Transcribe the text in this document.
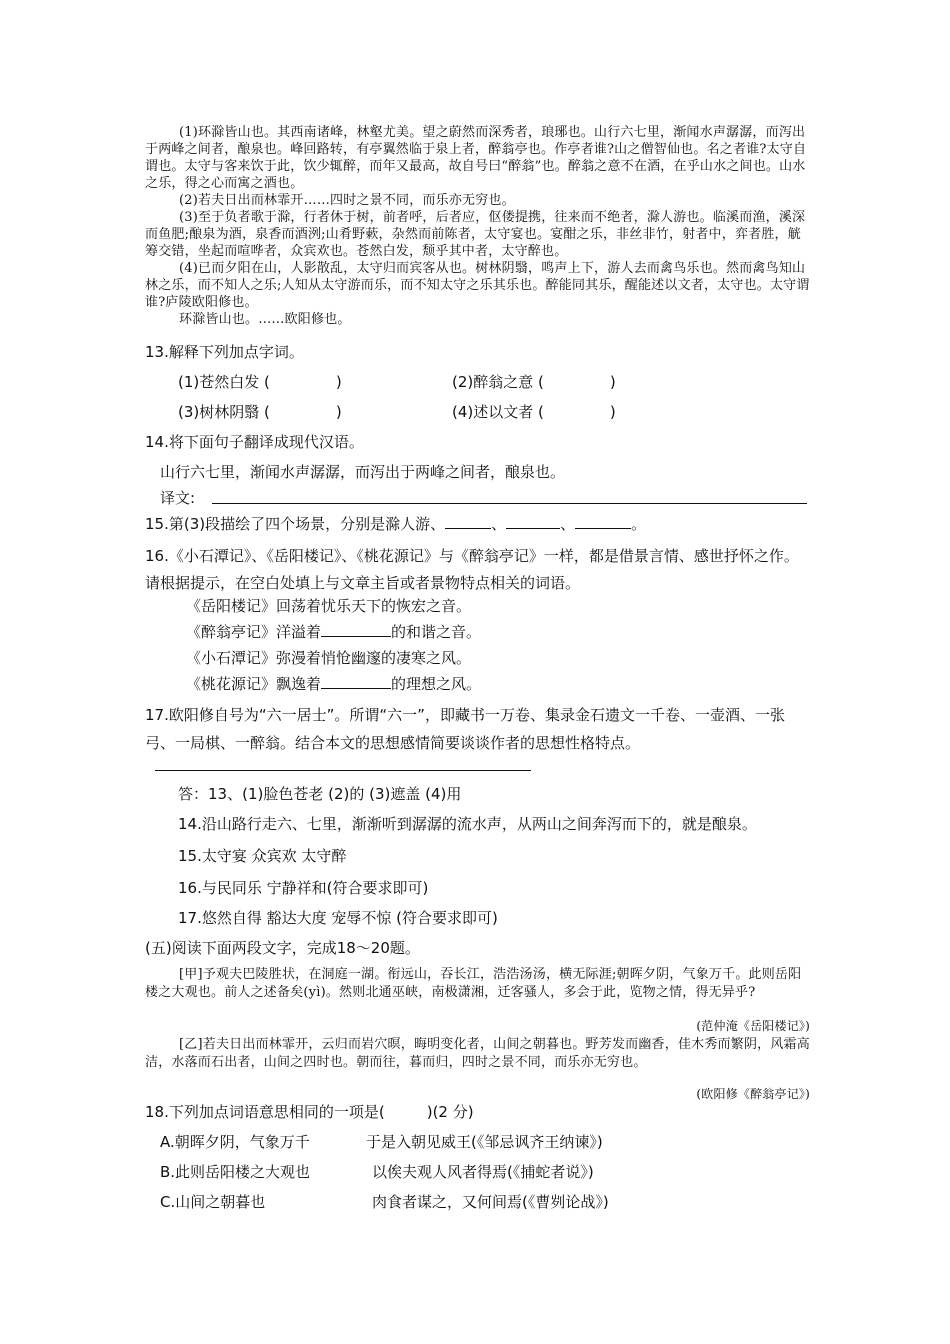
(1)环滁皆山也。其西南诸峰，林壑尤美。望之蔚然而深秀者，琅琊也。山行六七里，渐闻水声潺潺，而泻出于两峰之间者，酿泉也。峰回路转，有亭翼然临于泉上者，醉翁亭也。作亭者谁?山之僧智仙也。名之者谁?太守自谓也。太守与客来饮于此，饮少辄醉，而年又最高，故自号曰“醉翁”也。醉翁之意不在酒，在乎山水之间也。山水之乐，得之心而寓之酒也。

(2)若夫日出而林霏开……四时之景不同，而乐亦无穷也。

(3)至于负者歌于滁，行者休于树，前者呼，后者应，伛偻提携，往来而不绝者，滁人游也。临溪而渔，溪深而鱼肥;酿泉为酒，泉香而酒洌;山肴野蔌，杂然而前陈者，太守宴也。宴酣之乐，非丝非竹，射者中，弈者胜，觥筹交错，坐起而喧哗者，众宾欢也。苍然白发，颓乎其中者，太守醉也。

(4)已而夕阳在山，人影散乱，太守归而宾客从也。树林阴翳，鸣声上下，游人去而禽鸟乐也。然而禽鸟知山林之乐，而不知人之乐;人知从太守游而乐，而不知太守之乐其乐也。醉能同其乐，醒能述以文者，太守也。太守谓谁?庐陵欧阳修也。

环滁皆山也。……欧阳修也。

13.解释下列加点字词。
(1)苍然白发 (	)	(2)醉翁之意 (	)
(3)树林阴翳 (	)	(4)述以文者 (	)
14.将下面句子翻译成现代汉语。
山行六七里，渐闻水声潺潺，而泻出于两峰之间者，酿泉也。
译文:
15.第(3)段描绘了四个场景，分别是滁人游、	、	、	。
16.《小石潭记》、《岳阳楼记》、《桃花源记》与《醉翁亭记》一样，都是借景言情、感世抒怀之作。请根据提示，在空白处填上与文章主旨或者景物特点相关的词语。
《岳阳楼记》回荡着忧乐天下的恢宏之音。
《醉翁亭记》洋溢着	的和谐之音。
《小石潭记》弥漫着悄怆幽邃的凄寒之风。
《桃花源记》飘逸着	的理想之风。
17.欧阳修自号为“六一居士”。所谓“六一”，即藏书一万卷、集录金石遗文一千卷、一壶酒、一张弓、一局棋、一醉翁。结合本文的思想感情简要谈谈作者的思想性格特点。
答：13、(1)脸色苍老 (2)的 (3)遮盖 (4)用
14.沿山路行走六、七里，渐渐听到潺潺的流水声，从两山之间奔泻而下的，就是酿泉。
15.太守宴 众宾欢 太守醉
16.与民同乐 宁静祥和(符合要求即可)
17.悠然自得 豁达大度 宠辱不惊 (符合要求即可)
(五)阅读下面两段文字，完成18～20题。
[甲]予观夫巴陵胜状，在洞庭一湖。衔远山，吞长江，浩浩汤汤，横无际涯;朝晖夕阴，气象万千。此则岳阳楼之大观也。前人之述备矣(yì)。然则北通巫峡，南极潇湘，迁客骚人，多会于此，览物之情，得无异乎?
(范仲淹《岳阳楼记》)
[乙]若夫日出而林霏开，云归而岩穴暝，晦明变化者，山间之朝暮也。野芳发而幽香，佳木秀而繁阴，风霜高洁，水落而石出者，山间之四时也。朝而往，暮而归，四时之景不同，而乐亦无穷也。
(欧阳修《醉翁亭记》)
18.下列加点词语意思相同的一项是(	)(2 分)
A.朝晖夕阴，气象万千	于是入朝见威王(《邹忌讽齐王纳谏》)
B.此则岳阳楼之大观也	以俟夫观人风者得焉(《捕蛇者说》)
C.山间之朝暮也	肉食者谋之，又何间焉(《曹刿论战》)
